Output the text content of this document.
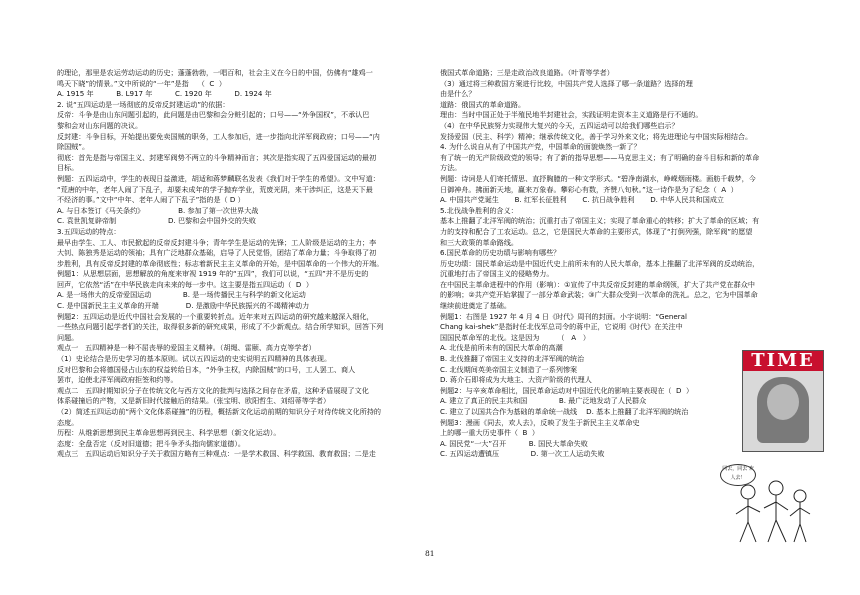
的理论，那里是农运劳动运动的历史；蓬蓬勃勃，一唱百和，社会主义在今日的中国，仿佛有“雄鸡一
鸣天下晓”的情景。”文中所说的“一年”是指    （  C  ）
A. 1915 年          B. L917 年          C. 1920 年          D. 1924 年
2. 说“五四运动是一场彻底的反帝反封建运动”的依据：
反帝：斗争是由山东问题引起的，此问题是由巴黎和会分赃引起的；口号——“外争国权”，不承认巴
黎和会对山东问题的决议。
反封建：斗争目标，开始提出要免卖国贼的职务，工人参加后，进一步指向北洋军阀政府；口号——“内
除国贼”。
彻底：首先是指与帝国主义、封建军阀势不两立的斗争精神而言；其次是指实现了五四爱国运动的最初
目标。
例题：五四运动中，学生的表现日益激进，胡适和蒋梦麟联名发表《我们对于学生的希望》。文中写道：
“荒唐的中年，老年人闹了下乱子，却要未成年的学子抛弃学业，荒废光阴，来干涉纠正，这是天下最
不经济的事。”文中“中年、老年人闹了下乱子”指的是（ D ）
A. 与日本签订《马关条约》               B. 参加了第一次世界大战
C. 袁世凯复辟帝制                       D. 巴黎和会中国外交的失败
3.五四运动的特点：
最早由学生、工人、市民掀起的反帝反封建斗争；青年学生是运动的先锋；工人阶级是运动的主力；李
大钊、陈独秀是运动的领袖；具有广泛地群众基础，启导了人民觉悟，团结了革命力量；斗争取得了初
步胜利，具有反帝反封建的革命彻底性；标志着新民主主义革命的开始，是中国革命的一个伟大的开端。
例题1：从思想层面，思想解放的角度来审视 1919 年的“五四”，我们可以说，“五四”并不是历史的
回声，它依然“活”在中华民族走向未来的每一步中。这主要是指五四运动（  D  ）
A. 是一场伟大的反帝爱国运动              B. 是一场传播民主与科学的新文化运动
C. 是中国新民主主义革命的开端            D. 是激励中华民族振兴的不竭精神动力
例题2：五四运动是近代中国社会发展的一个重要转折点。近年来对五四运动的研究越来越深入细化，
一些热点问题引起学者们的关注，取得很多新的研究成果，形成了不少新观点。结合所学知识，回答下列
问题。
观点一   五四精神是一种不屈丧辱的爱国主义精神。（胡绳、雷颐、高力克等学者）
（1）史论结合是历史学习的基本原则。试以五四运动的史实说明五四精神的具体表现。
反对巴黎和会将德国侵占山东的权益转给日本，“外争主权，内除国贼”的口号，工人罢工、商人
罢市，迫使北洋军阀政府拒签和约等。
观点二   五四时期知识分子在传统文化与西方文化的批判与选择之间存在矛盾，这种矛盾展现了文化
体系碰撞后的产物，又是新旧时代接触后的结果。（张宝明、欧阳哲生、刘绍蒂等学者）
（2）简述五四运动前“两个文化体系碰撞”的历程，概括新文化运动前期的知识分子对待传统文化所持的
态度。
历程：从维新思想到民主革命思想再到民主、科学思想（新文化运动）。
态度：全盘否定（反对旧道德；把斗争矛头指向儒家道德）。
观点三   五四运动后知识分子关于救国方略有三种观点：一是学术救国、科学救国、教育救国；二是走
俄国式革命道路；三是走政治改良道路。（叶青等学者）
（3）通过将三种救国方案进行比较，中国共产党人选择了哪一条道路？选择的理
由是什么？
道路：俄国式的革命道路。
理由：当时中国正处于半殖民地半封建社会，实践证明走资本主义道路是行不通的。
（4）在中华民族努力实现伟大复兴的今天，五四运动可以给我们哪些启示？
发扬爱国（民主、科学）精神；继承传统文化，善于学习外来文化；将先进理论与中国实际相结合。
4. 为什么说自从有了中国共产党，中国革命的面貌焕然一新了？
有了统一的无产阶级政党的领导；有了新的指导思想——马克思主义；有了明确的奋斗目标和新的革命
方法。
例题：诗词是人们寄托情思、直抒胸臆的一种文学形式。“碧净南湖水，峥嵘烟雨楼。画舫千载梦，今
日御神舟。拂面新天地，赢来万象春。攀彩心有数，齐赞八旬秋。”这一诗作是为了纪念（  A  ）
A. 中国共产党诞生       B. 红军长征胜利       C. 抗日战争胜利       D. 中华人民共和国成立
5.北伐战争胜利的含义：
基本上推翻了北洋军阀的统治；沉重打击了帝国主义；实现了革命重心的转移；扩大了革命的区域；有
力的支持和配合了工农运动。总之，它是国民大革命的主要形式，体现了“打倒列强，除军阀”的愿望
和三大政策的革命路线。
6.国民革命的历史功绩与影响有哪些？
历史功绩：国民革命运动是中国近代史上前所未有的人民大革命，基本上推翻了北洋军阀的反动统治，
沉重地打击了帝国主义的侵略势力。
在中国民主革命进程中的作用（影响）：①宣传了中共反帝反封建的革命纲领，扩大了共产党在群众中
的影响；②共产党开始掌握了一部分革命武装；③广大群众受到一次革命的洗礼。总之，它为中国革命
继续前进奠定了基础。
例题1：右图是 1927 年 4 月 4 日《时代》周刊的封面。小字说明：“General
Chang kai-shek”是指时任北伐军总司令的蒋中正，它说明《时代》在关注中
国国民革命军的北伐。这是因为        （   A   ）
A. 北伐是前所未有的国民大革命的高潮
B. 北伐推翻了帝国主义支持的北洋军阀的统治
C. 北伐期间英美帝国主义制造了一系列惨案
D. 蒋介石即将成为大地主、大资产阶级的代理人
例题2：与辛亥革命相比，国民革命运动对中国近代化的影响主要表现在（  D  ）
A. 建立了真正的民主共和国              B. 最广泛地发动了人民群众
C. 建立了以国共合作为基础的革命统一战线    D. 基本上推翻了北洋军阀的统治
例题3：漫画《同去，欢人去》，反映了发生于新民主主义革命史
上的哪一重大历史事件（  B  ）
A. 国民党“一大”召开          B. 国民大革命失败
C. 五四运动遭镇压              D. 第一次工人运动失败
TIME
同去，同去 欢人去！
81
